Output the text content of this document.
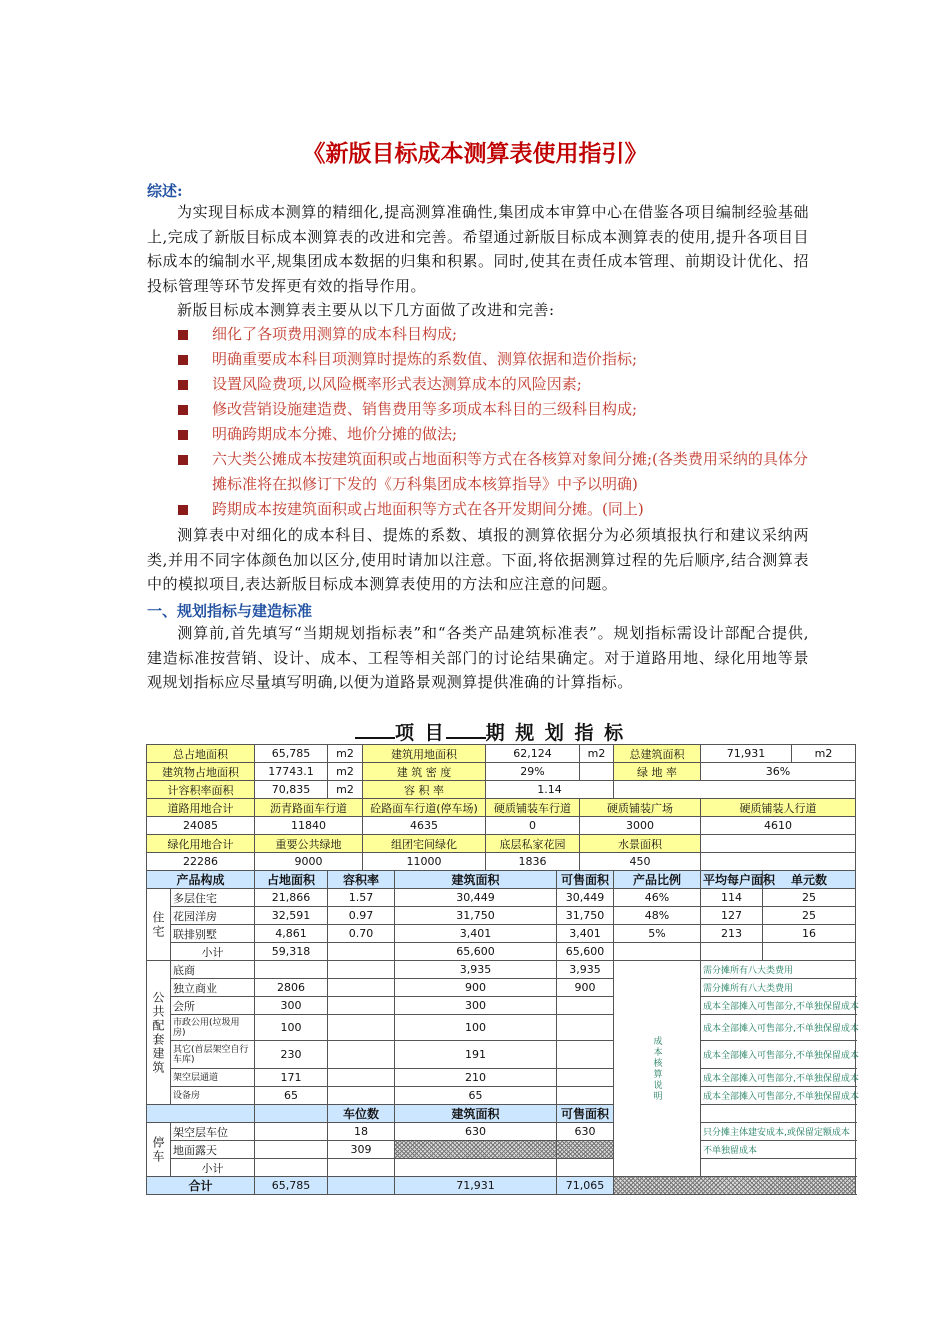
《新版目标成本测算表使用指引》
综述:
为实现目标成本测算的精细化,提高测算准确性,集团成本审算中心在借鉴各项目编制经验基础上,完成了新版目标成本测算表的改进和完善。希望通过新版目标成本测算表的使用,提升各项目目标成本的编制水平,规集团成本数据的归集和积累。同时,使其在责任成本管理、前期设计优化、招投标管理等环节发挥更有效的指导作用。
新版目标成本测算表主要从以下几方面做了改进和完善:
细化了各项费用测算的成本科目构成;
明确重要成本科目项测算时提炼的系数值、测算依据和造价指标;
设置风险费项,以风险概率形式表达测算成本的风险因素;
修改营销设施建造费、销售费用等多项成本科目的三级科目构成;
明确跨期成本分摊、地价分摊的做法;
六大类公摊成本按建筑面积或占地面积等方式在各核算对象间分摊;(各类费用采纳的具体分摊标准将在拟修订下发的《万科集团成本核算指导》中予以明确)
跨期成本按建筑面积或占地面积等方式在各开发期间分摊。(同上)
测算表中对细化的成本科目、提炼的系数、填报的测算依据分为必须填报执行和建议采纳两类,并用不同字体颜色加以区分,使用时请加以注意。下面,将依据测算过程的先后顺序,结合测算表中的模拟项目,表达新版目标成本测算表使用的方法和应注意的问题。
一、规划指标与建造标准
测算前,首先填写“当期规划指标表”和“各类产品建筑标准表”。规划指标需设计部配合提供,建造标准按营销、设计、成本、工程等相关部门的讨论结果确定。对于道路用地、绿化用地等景观规划指标应尽量填写明确,以便为道路景观测算提供准确的计算指标。
项 目 期 规 划 指 标
总占地面积		65,785	m2	建筑用地面积		62,124		m2	总建筑面积	71,931		m2	
建筑物占地面积		17743.1	m2	建 筑 密 度		29%			绿 地 率	36%			
计容积率面积		70,835	m2	容 积 率		1.14							
道路用地合计		沥青路面车行道		砼路面车行道(停车场)		硬质铺装车行道		硬质铺装广场		硬质铺装人行道			
24085		11840		4635		0		3000		4610			
绿化用地合计		重要公共绿地		组团宅间绿化		底层私家花园		水景面积					
22286		9000		11000		1836		450					
产品构成		占地面积	容积率		建筑面积		可售面积		产品比例	平均每户面积	单元数	
住宅	多层住宅	21,866	1.57		30,449		30,449		46%	114	25	
	花园洋房	32,591	0.97		31,750		31,750		48%	127	25	
	联排别墅	4,861	0.70		3,401		3,401		5%	213	16	
	小计	59,318			65,600		65,600				
公共配套建筑	底商				3,935		3,935		成本核算说明	需分摊所有八大类费用			
	独立商业	2806			900		900			需分摊所有八大类费用			
	会所	300			300					成本全部摊入可售部分,不单独保留成本			
	市政公用(垃圾用房)	100			100					成本全部摊入可售部分,不单独保留成本			
	其它(首层架空自行车库)	230			191					成本全部摊入可售部分,不单独保留成本			
	架空层通道	171			210					成本全部摊入可售部分,不单独保留成本			
	设备房	65			65					成本全部摊入可售部分,不单独保留成本			
			车位数		建筑面积		可售面积						
停车	架空层车位		18		630		630			只分摊主体建安成本,或保留定额成本			
	地面露天		309							不单独留成本			
	小计												
合计		65,785			71,931		71,065						
